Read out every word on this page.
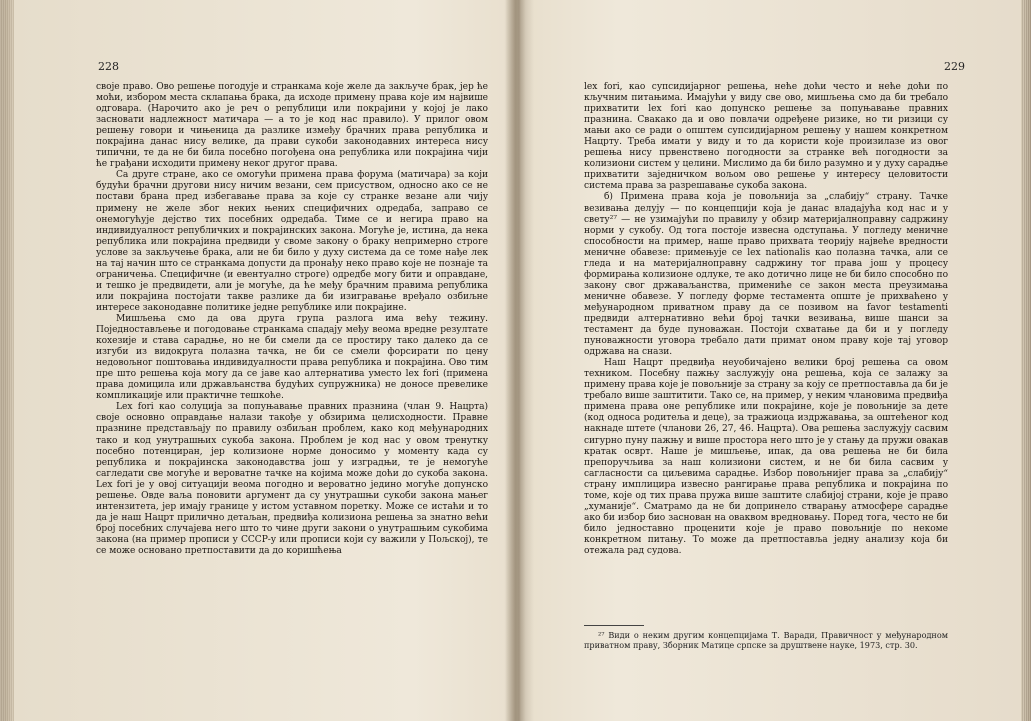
228	229

своје право. Ово решење погодује и странкама које желе да закључе брак, јер ће моћи, избором места склапања брака, да исходе примену права које им највише одговара. (Нарочито ако је реч о републици или покрајини у којој је лако засновати надлежност матичара — а то је код нас правило). У прилог овом решењу говори и чињеница да разлике између брачних права република и покрајина данас нису велике, да прави сукоби законодавних интереса нису типични, те да не би била посебно погођена она република или покрајина чији ће грађани исходити примену неког другог права.

Са друге стране, ако се омогући примена права форума (матичара) за кoји будући брачни другови нису ничим везани, сем присуством, односно ако се не постави брана пред избегавање права за које су странке везане али чију примену не желе због неких њених специфичних одредаба, заправо се онемогућује дејство тих посебних одредаба. Тиме се и негира право на индивидуалност републичких и покрајинских закона. Могуће је, истина, да нека република или покрајина предвиди у своме закону о браку непримерно строге услове за закључење брака, али не би било у духу система да се томе нађе лек на тај начин што се странкама допусти да пронађу неко право које не познаје та ограничења. Специфичне (и евентуално строге) одредбе могу бити и оправдане, и тешко је предвидети, али је могуће, да ће међу брачним правима република или покрајина постојати такве разлике да би изигравање вређало озбиљне интересе законодавне политике једне републике или покрајине.

Мишљења смо да ова друга група разлога има већу тежину. Поједностављење и погодовање странкама спадају међу веома вредне резултате кохезије и става сарадње, но не би смели да се простиру тако далеко да се изгуби из видокруга полазна тачка, не би се смели форсирати по цену недовољног поштовања индивидуалности права република и покрајина. Ово тим пре што решења која могу да се јаве као алтернатива уместо lex fori (примена права домицила или држављанства будућих супружника) не доносе превелике компликације или практичне тешкоће.

Lex fori као солуција за попуњавање правних празнина (члан 9. Нацрта) своје основно оправдање налази такође у обзирима целисходности. Правне празнине представљају по правилу озбиљан проблем, како код међународних тако и код унутрашњих сукоба закона. Проблем је код нас у овом тренутку посебно потенциран, јер колизионе норме доносимо у моменту када су република и покрајинска законодавства још у изградњи, те је немогуће сагледати све могуће и вероватне тачке на којима може доћи до сукоба закона. Lex fori је у овој ситуацији веома погодно и вероватно једино могуће допунско решење. Овде ваља поновити аргумент да су унутрашњи сукоби закона мањег интензитета, јер имају границе у истом уставном поретку. Може се истаћи и то да је наш Нацрт прилично детаљан, предвиђа колизиона решења за знатно већи број посебних случајева него што то чине други закони о унутрашњим сукобима закона (на пример прописи у СССР-у или прописи који су важили у Пољској), те се може основано претпоставити да до коришћења

lex fori, као супсидијарног решења, неће доћи често и неће доћи по кључним питањима. Имајући у виду све ово, мишљења смо да би требало прихватити lex fori као допунско решење за попуњавање правних празнина. Свакако да и ово повлачи одређене ризике, но ти ризици су мањи ако се ради о општем супсидијарном решењу у нашем конкретном Нацрту. Треба имати у виду и то да користи које произилазе из овог решења нису првенствено погодности за странке већ погодности за колизиони систем у целини. Мислимо да би било разумно и у духу сарадње прихватити заједничком вољом ово решење у интересу целовитости система права за разрешавање сукоба закона.

б) Примена права која је повољнија за „слабију“ страну. Тачке везивања делују — по концепцији која је данас владајућа код нас и у свету²⁷ — не узимајући по правилу у обзир материјалноправну садржину норми у сукобу. Од тога постоје извесна одступања. У погледу меничне способности на пример, наше право прихвата теорију највеће вредности меничне обавезе: примењује се lex nationalis као полазна тачка, али се гледа и на материјалноправну садржину тог права још у процесу формирања колизионе одлуке, те ако дотично лице не би било способно по закону свог државаљанства, примениће се закон места преузимања меничне обавезе. У погледу форме тестамента опште је прихваћено у међународном приватном праву да се позивом на favor testamenti предвиди алтернативно већи број тачки везивања, више шанси за тестамент да буде пуноважан. Постоји схватање да би и у погледу пуноважности уговора требало дати примат оном праву које тај уговор одржава на снази.

Наш Нацрт предвиђа неуобичајено велики број решења са овом техником. Посебну пажњу заслужују она решења, која се залажу за примену права које је повољније за страну за коју се претпоставља да би је требало више заштитити. Тако се, на пример, у неким члановима предвиђа примена права оне републике или покрајине, које је повољније за дете (код односа родитеља и деце), за тражиоца издржавања, за оштећеног код накнаде штете (чланови 26, 27, 46. Нацрта). Ова решења заслужују сасвим сигурно пуну пажњу и више простора него што је у стању да пружи овакав кратак осврт. Наше је мишљење, ипак, да ова решења не би била препоручљива за наш колизиони систем, и не би била сасвим у сагласности са циљевима сарадње. Избор повољнијег права за „слабију“ страну имплицира извесно рангирање права република и покрајина по томе, које од тих права пружа више заштите слабијој страни, које је право „хуманије“. Сматрамо да не би допринело стварању атмосфере сарадње ако би избор био заснован на оваквом вредновању. Поред тога, често не би било једноставно проценити које је право повољније по некомe конкретном питању. То може да претпоставља једну анализу која би отежала рад судова.

²⁷ Види о неким другим концепцијама Т. Варади, Правичност у међународном приватном праву, Зборник Матице српске за друштвене науке, 1973, стр. 30.
